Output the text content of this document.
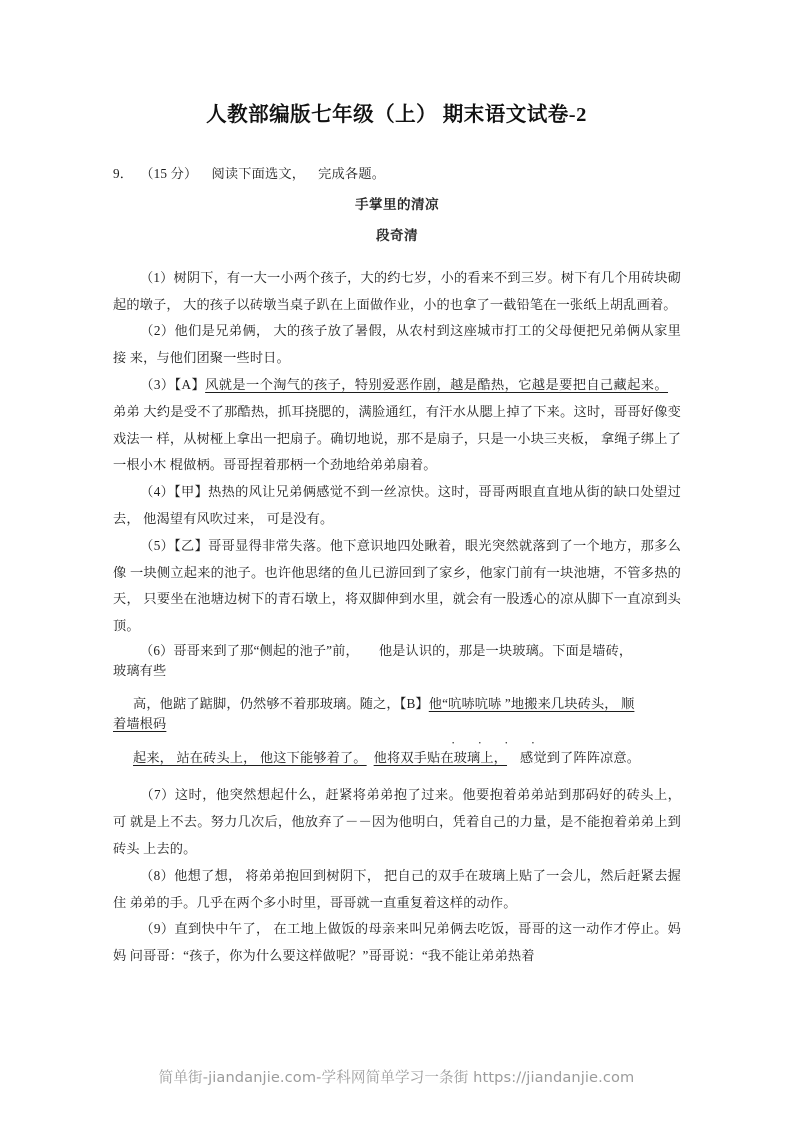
人教部编版七年级（上） 期末语文试卷-2
9． （15 分） 阅读下面选文， 完成各题。
手掌里的清凉
段奇清

（1）树阴下，有一大一小两个孩子，大的约七岁，小的看来不到三岁。树下有几个用砖块砌 起的墩子， 大的孩子以砖墩当桌子趴在上面做作业，小的也拿了一截铅笔在一张纸上胡乱画着。

（2）他们是兄弟俩， 大的孩子放了暑假，从农村到这座城市打工的父母便把兄弟俩从家里接 来，与他们团聚一些时日。

（3）【A】风就是一个淘气的孩子，特别爱恶作剧，越是酷热，它越是要把自己藏起来。弟弟 大约是受不了那酷热，抓耳挠腮的，满脸通红，有汗水从腮上掉了下来。这时，哥哥好像变戏法一 样，从树桠上拿出一把扇子。确切地说，那不是扇子，只是一小块三夹板， 拿绳子绑上了一根小木 棍做柄。哥哥捏着那柄一个劲地给弟弟扇着。

（4）【甲】热热的风让兄弟俩感觉不到一丝凉快。这时，哥哥两眼直直地从街的缺口处望过去， 他渴望有风吹过来， 可是没有。

（5）【乙】哥哥显得非常失落。他下意识地四处瞅着，眼光突然就落到了一个地方，那多么像 一块侧立起来的池子。也许他思绪的鱼儿已游回到了家乡，他家门前有一块池塘，不管多热的天， 只要坐在池塘边树下的青石墩上，将双脚伸到水里，就会有一股透心的凉从脚下一直凉到头顶。

（6）哥哥来到了那“侧起的池子”前， 他是认识的，那是一块玻璃。下面是墙砖，
玻璃有些
高，他踮了踮脚，仍然够不着那玻璃。随之，【B】他“吭哧吭哧 ”地搬来几块砖头， 顺
着墙根码
· · · ·
起来， 站在砖头上， 他这下能够着了。 他将双手贴在玻璃上， 感觉到了阵阵凉意。

（7）这时，他突然想起什么，赶紧将弟弟抱了过来。他要抱着弟弟站到那码好的砖头上， 可 就是上不去。努力几次后，他放弃了－－因为他明白，凭着自己的力量，是不能抱着弟弟上到砖头 上去的。

（8）他想了想， 将弟弟抱回到树阴下， 把自己的双手在玻璃上贴了一会儿，然后赶紧去握住 弟弟的手。几乎在两个多小时里，哥哥就一直重复着这样的动作。

（9）直到快中午了， 在工地上做饭的母亲来叫兄弟俩去吃饭，哥哥的这一动作才停止。妈妈 问哥哥：“孩子，你为什么要这样做呢？”哥哥说：“我不能让弟弟热着

简单街-jiandanjie.com-学科网简单学习一条街 https://jiandanjie.com
